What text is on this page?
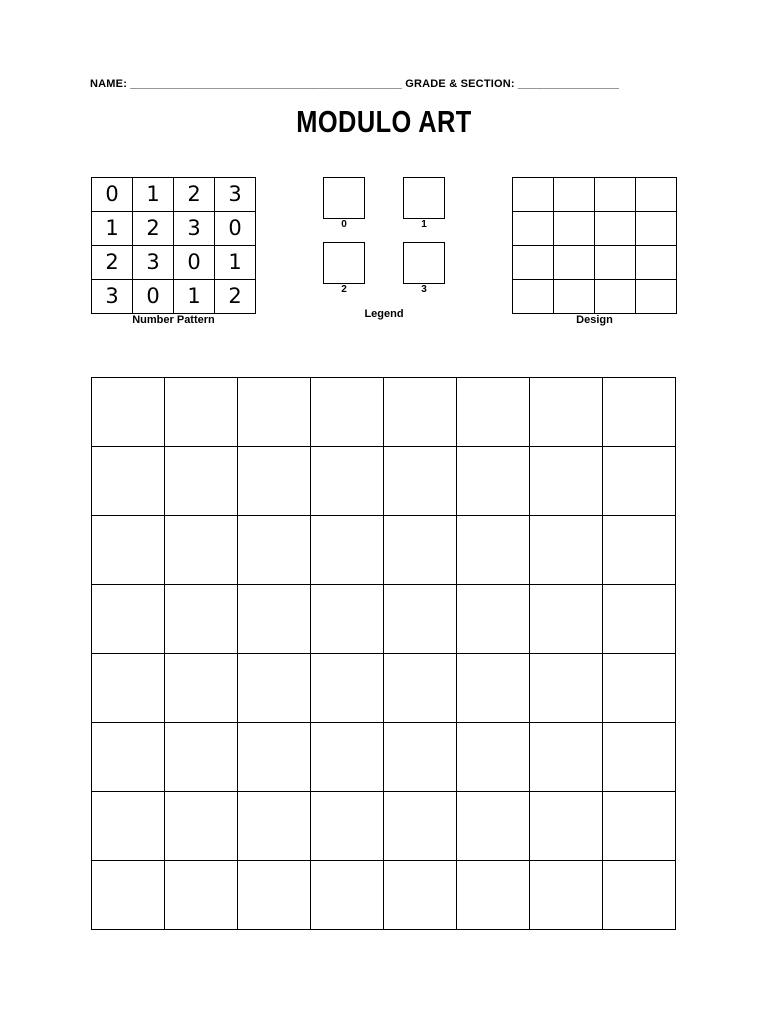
NAME: ___________________________________________ GRADE & SECTION: ________________
MODULO ART
0	1	2	3
1	2	3	0
2	3	0	1
3	0	1	2
Number Pattern
0	1
2	3
Legend

				Design
